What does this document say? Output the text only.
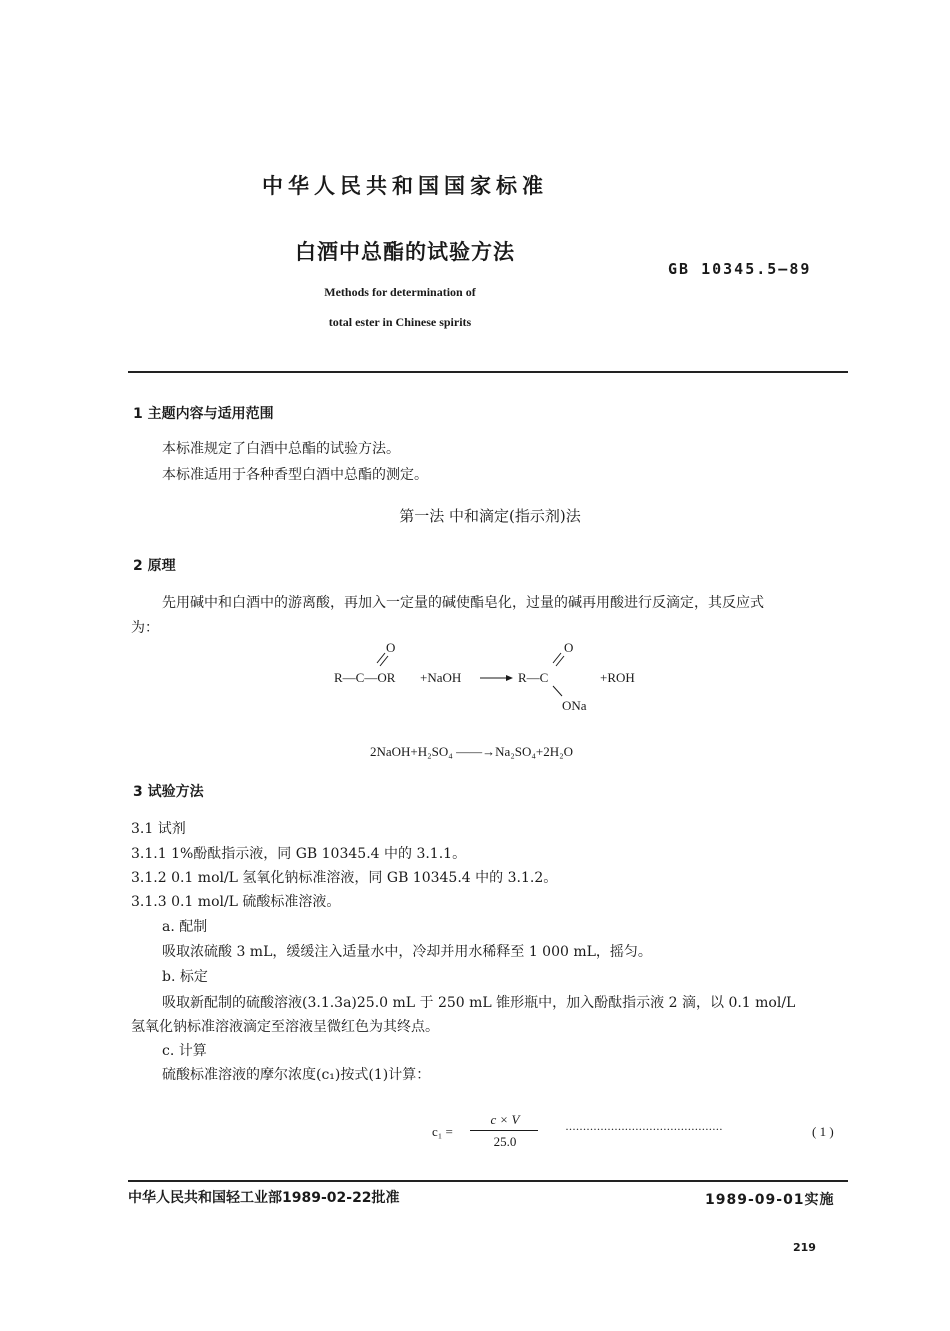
中华人民共和国国家标准
白酒中总酯的试验方法
GB 10345.5—89
Methods for determination of
total ester in Chinese spirits
1 主题内容与适用范围
本标准规定了白酒中总酯的试验方法。
本标准适用于各种香型白酒中总酯的测定。
第一法 中和滴定(指示剂)法
2 原理
先用碱中和白酒中的游离酸，再加入一定量的碱使酯皂化，过量的碱再用酸进行反滴定，其反应式
为：
O
R—C—OR +NaOH	R—C
O
ONa
+ROH
2NaOH+H₂SO₄ ——→Na₂SO₄+2H₂O
3 试验方法
3.1 试剂
3.1.1 1%酚酞指示液，同 GB 10345.4 中的 3.1.1。
3.1.2 0.1 mol/L 氢氧化钠标准溶液，同 GB 10345.4 中的 3.1.2。
3.1.3 0.1 mol/L 硫酸标准溶液。
a. 配制
吸取浓硫酸 3 mL，缓缓注入适量水中，冷却并用水稀释至 1 000 mL，摇匀。
b. 标定
吸取新配制的硫酸溶液(3.1.3a)25.0 mL 于 250 mL 锥形瓶中，加入酚酞指示液 2 滴，以 0.1 mol/L
氢氧化钠标准溶液滴定至溶液呈微红色为其终点。
c. 计算
硫酸标准溶液的摩尔浓度(c₁)按式(1)计算：
c₁ =
c × V
25.0
·············································	( 1 )
中华人民共和国轻工业部1989-02-22批准	1989-09-01实施
219
